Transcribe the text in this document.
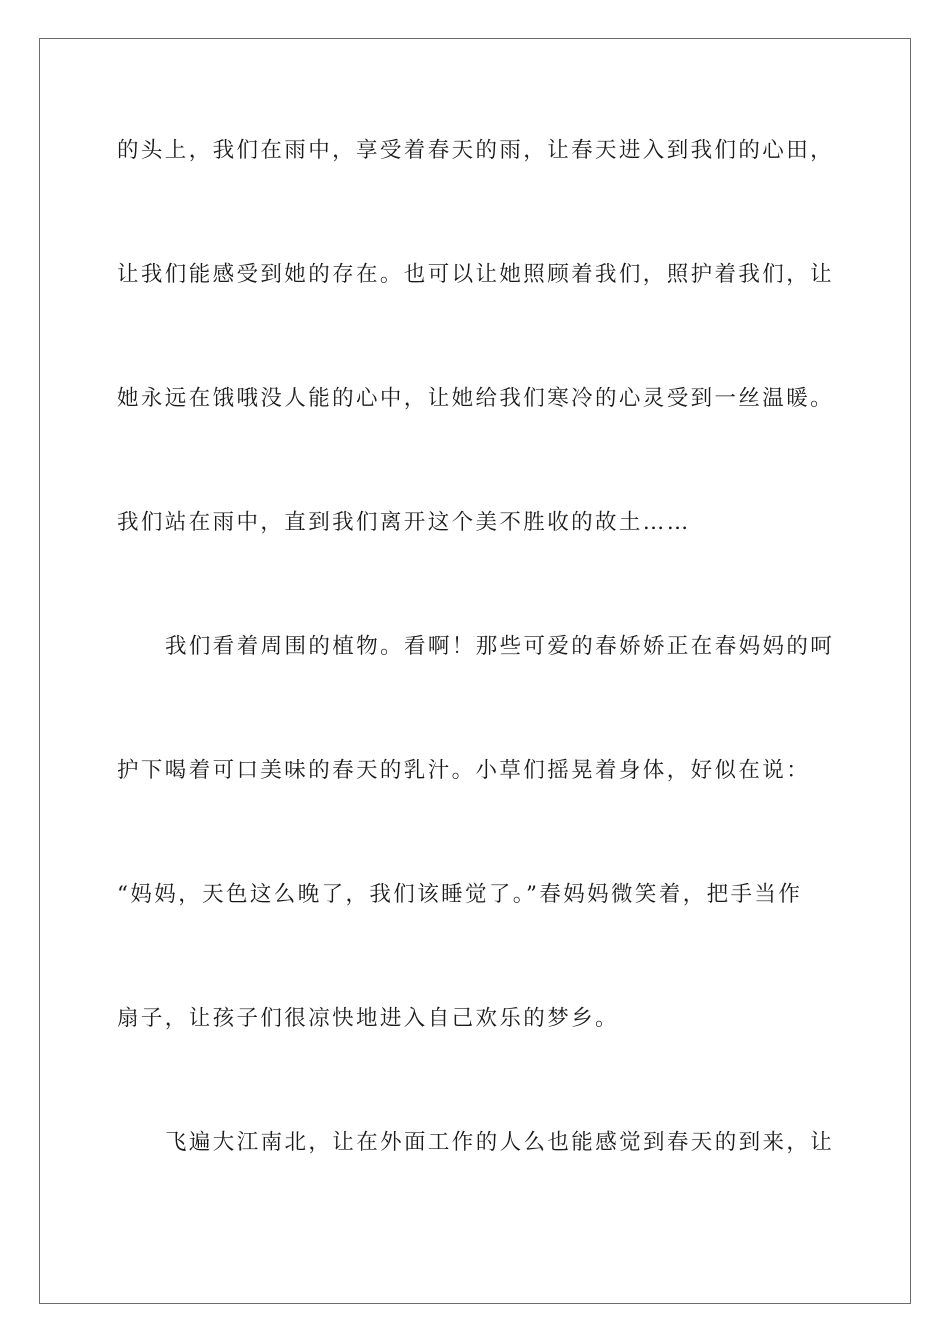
的头上，我们在雨中，享受着春天的雨，让春天进入到我们的心田，

让我们能感受到她的存在。也可以让她照顾着我们，照护着我们，让

她永远在饿哦没人能的心中，让她给我们寒冷的心灵受到一丝温暖。

我们站在雨中，直到我们离开这个美不胜收的故土……

我们看着周围的植物。看啊！那些可爱的春娇娇正在春妈妈的呵

护下喝着可口美味的春天的乳汁。小草们摇晃着身体，好似在说：

“妈妈，天色这么晚了，我们该睡觉了。”春妈妈微笑着，把手当作

扇子，让孩子们很凉快地进入自己欢乐的梦乡。

飞遍大江南北，让在外面工作的人么也能感觉到春天的到来，让
